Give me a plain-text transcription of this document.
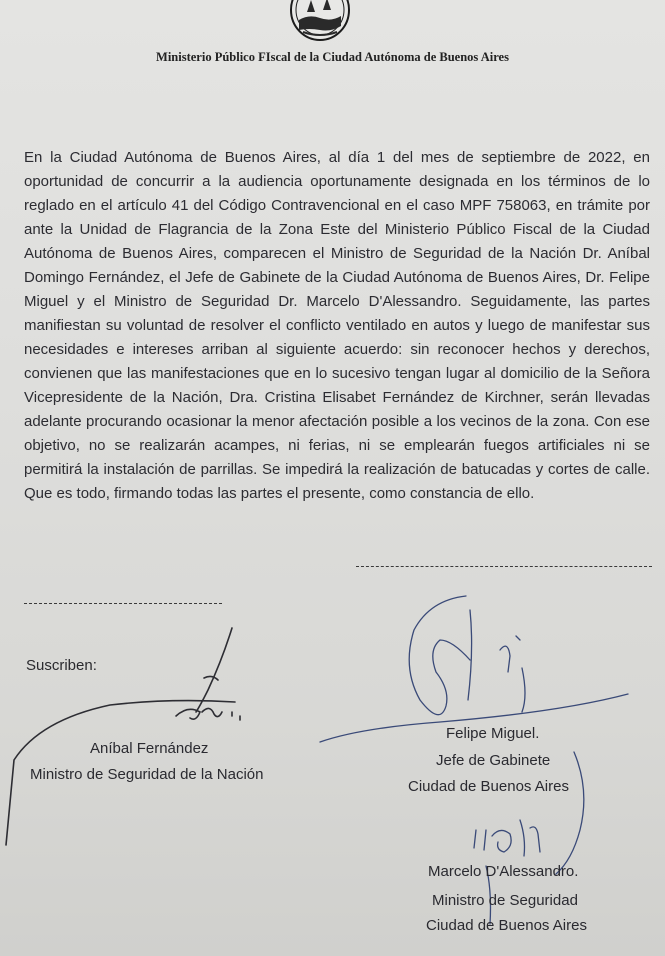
Ministerio Público FIscal de la Ciudad Autónoma de Buenos Aires

En la Ciudad Autónoma de Buenos Aires, al día 1 del mes de septiembre de 2022, en oportunidad de concurrir a la audiencia oportunamente designada en los términos de lo reglado en el artículo 41 del Código Contravencional en el caso MPF 758063, en trámite por ante la Unidad de Flagrancia de la Zona Este del Ministerio Público Fiscal de la Ciudad Autónoma de Buenos Aires, comparecen el Ministro de Seguridad de la Nación Dr. Aníbal Domingo Fernández, el Jefe de Gabinete de la Ciudad Autónoma de Buenos Aires, Dr. Felipe Miguel y el Ministro de Seguridad Dr. Marcelo D'Alessandro. Seguidamente, las partes manifiestan su voluntad de resolver el conflicto ventilado en autos y luego de manifestar sus necesidades e intereses arriban al siguiente acuerdo: sin reconocer hechos y derechos, convienen que las manifestaciones que en lo sucesivo tengan lugar al domicilio de la Señora Vicepresidente de la Nación, Dra. Cristina Elisabet Fernández de Kirchner, serán llevadas adelante procurando ocasionar la menor afectación posible a los vecinos de la zona. Con ese objetivo, no se realizarán acampes, ni ferias, ni se emplearán fuegos artificiales ni se permitirá la instalación de parrillas. Se impedirá la realización de batucadas y cortes de calle. Que es todo, firmando todas las partes el presente, como constancia de ello.

Suscriben:
Aníbal Fernández
Ministro de Seguridad de la Nación
Felipe Miguel.
Jefe de Gabinete
Ciudad de Buenos Aires
Marcelo D'Alessandro.
Ministro de Seguridad
Ciudad de Buenos Aires
